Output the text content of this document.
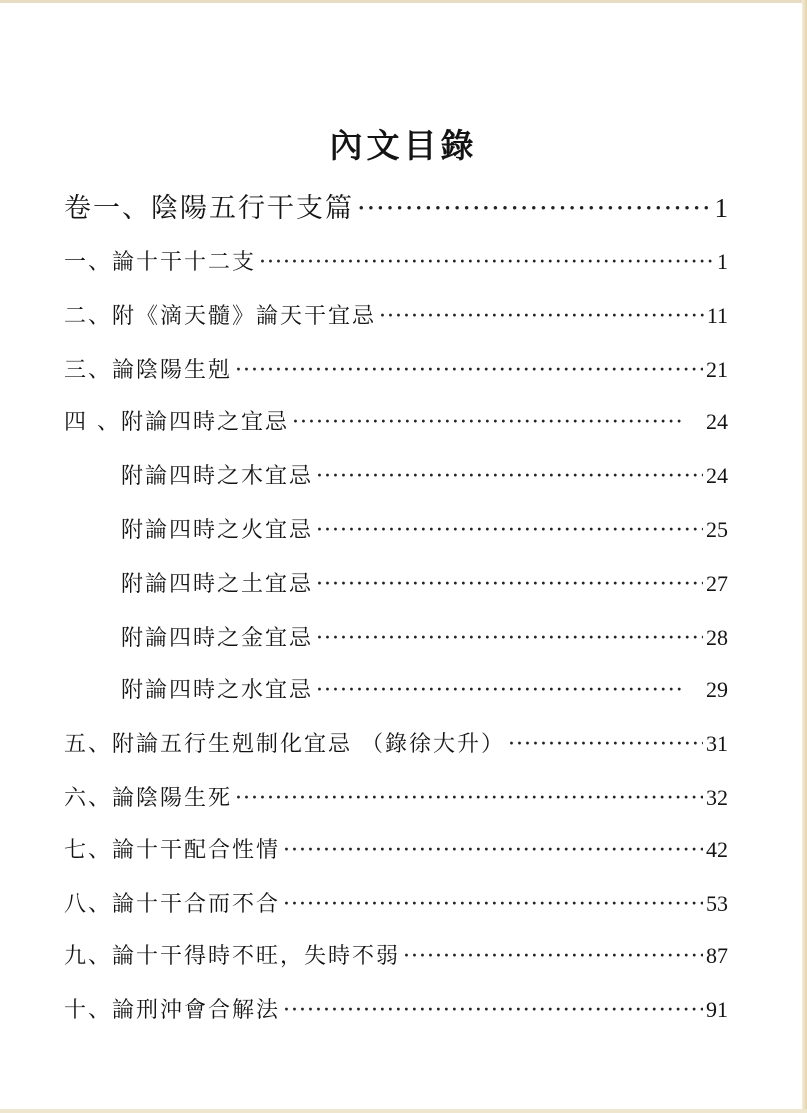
內文目錄
卷一、陰陽五行干支篇 ·····	1
一、論十干十二支 ·····	1
二、附《滴天髓》論天干宜忌 ·····	11
三、論陰陽生剋 ·····	21
四 、附論四時之宜忌 ·····	24
附論四時之木宜忌 ·····	24
附論四時之火宜忌 ·····	25
附論四時之土宜忌 ·····	27
附論四時之金宜忌 ·····	28
附論四時之水宜忌 ·····	29
五、附論五行生剋制化宜忌 （錄徐大升） ·····	31
六、論陰陽生死 ·····	32
七、論十干配合性情 ·····	42
八、論十干合而不合 ·····	53
九、論十干得時不旺，失時不弱 ·····	87
十、論刑沖會合解法 ·····	91
